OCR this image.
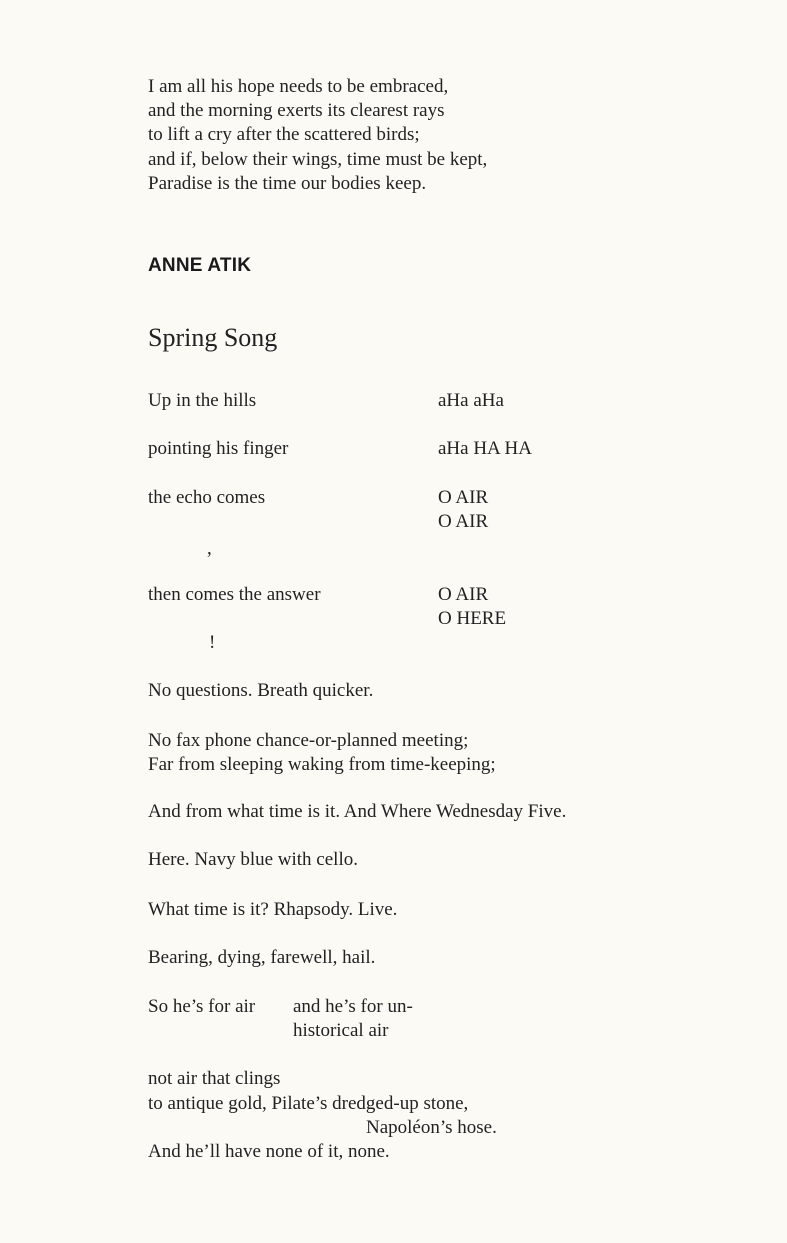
I am all his hope needs to be embraced,
and the morning exerts its clearest rays
to lift a cry after the scattered birds;
and if, below their wings, time must be kept,
Paradise is the time our bodies keep.
ANNE ATIK
Spring Song
Up in the hills	aHa aHa
pointing his finger	aHa HA HA
the echo comes	O AIR
O AIR
,
then comes the answer	O AIR
O HERE
!
No questions. Breath quicker.
No fax phone chance-or-planned meeting;
Far from sleeping waking from time-keeping;
And from what time is it. And Where Wednesday Five.
Here. Navy blue with cello.
What time is it? Rhapsody. Live.
Bearing, dying, farewell, hail.
So he’s for air and he’s for un-
historical air
not air that clings
to antique gold, Pilate’s dredged-up stone,
Napoléon’s hose.
And he’ll have none of it, none.
